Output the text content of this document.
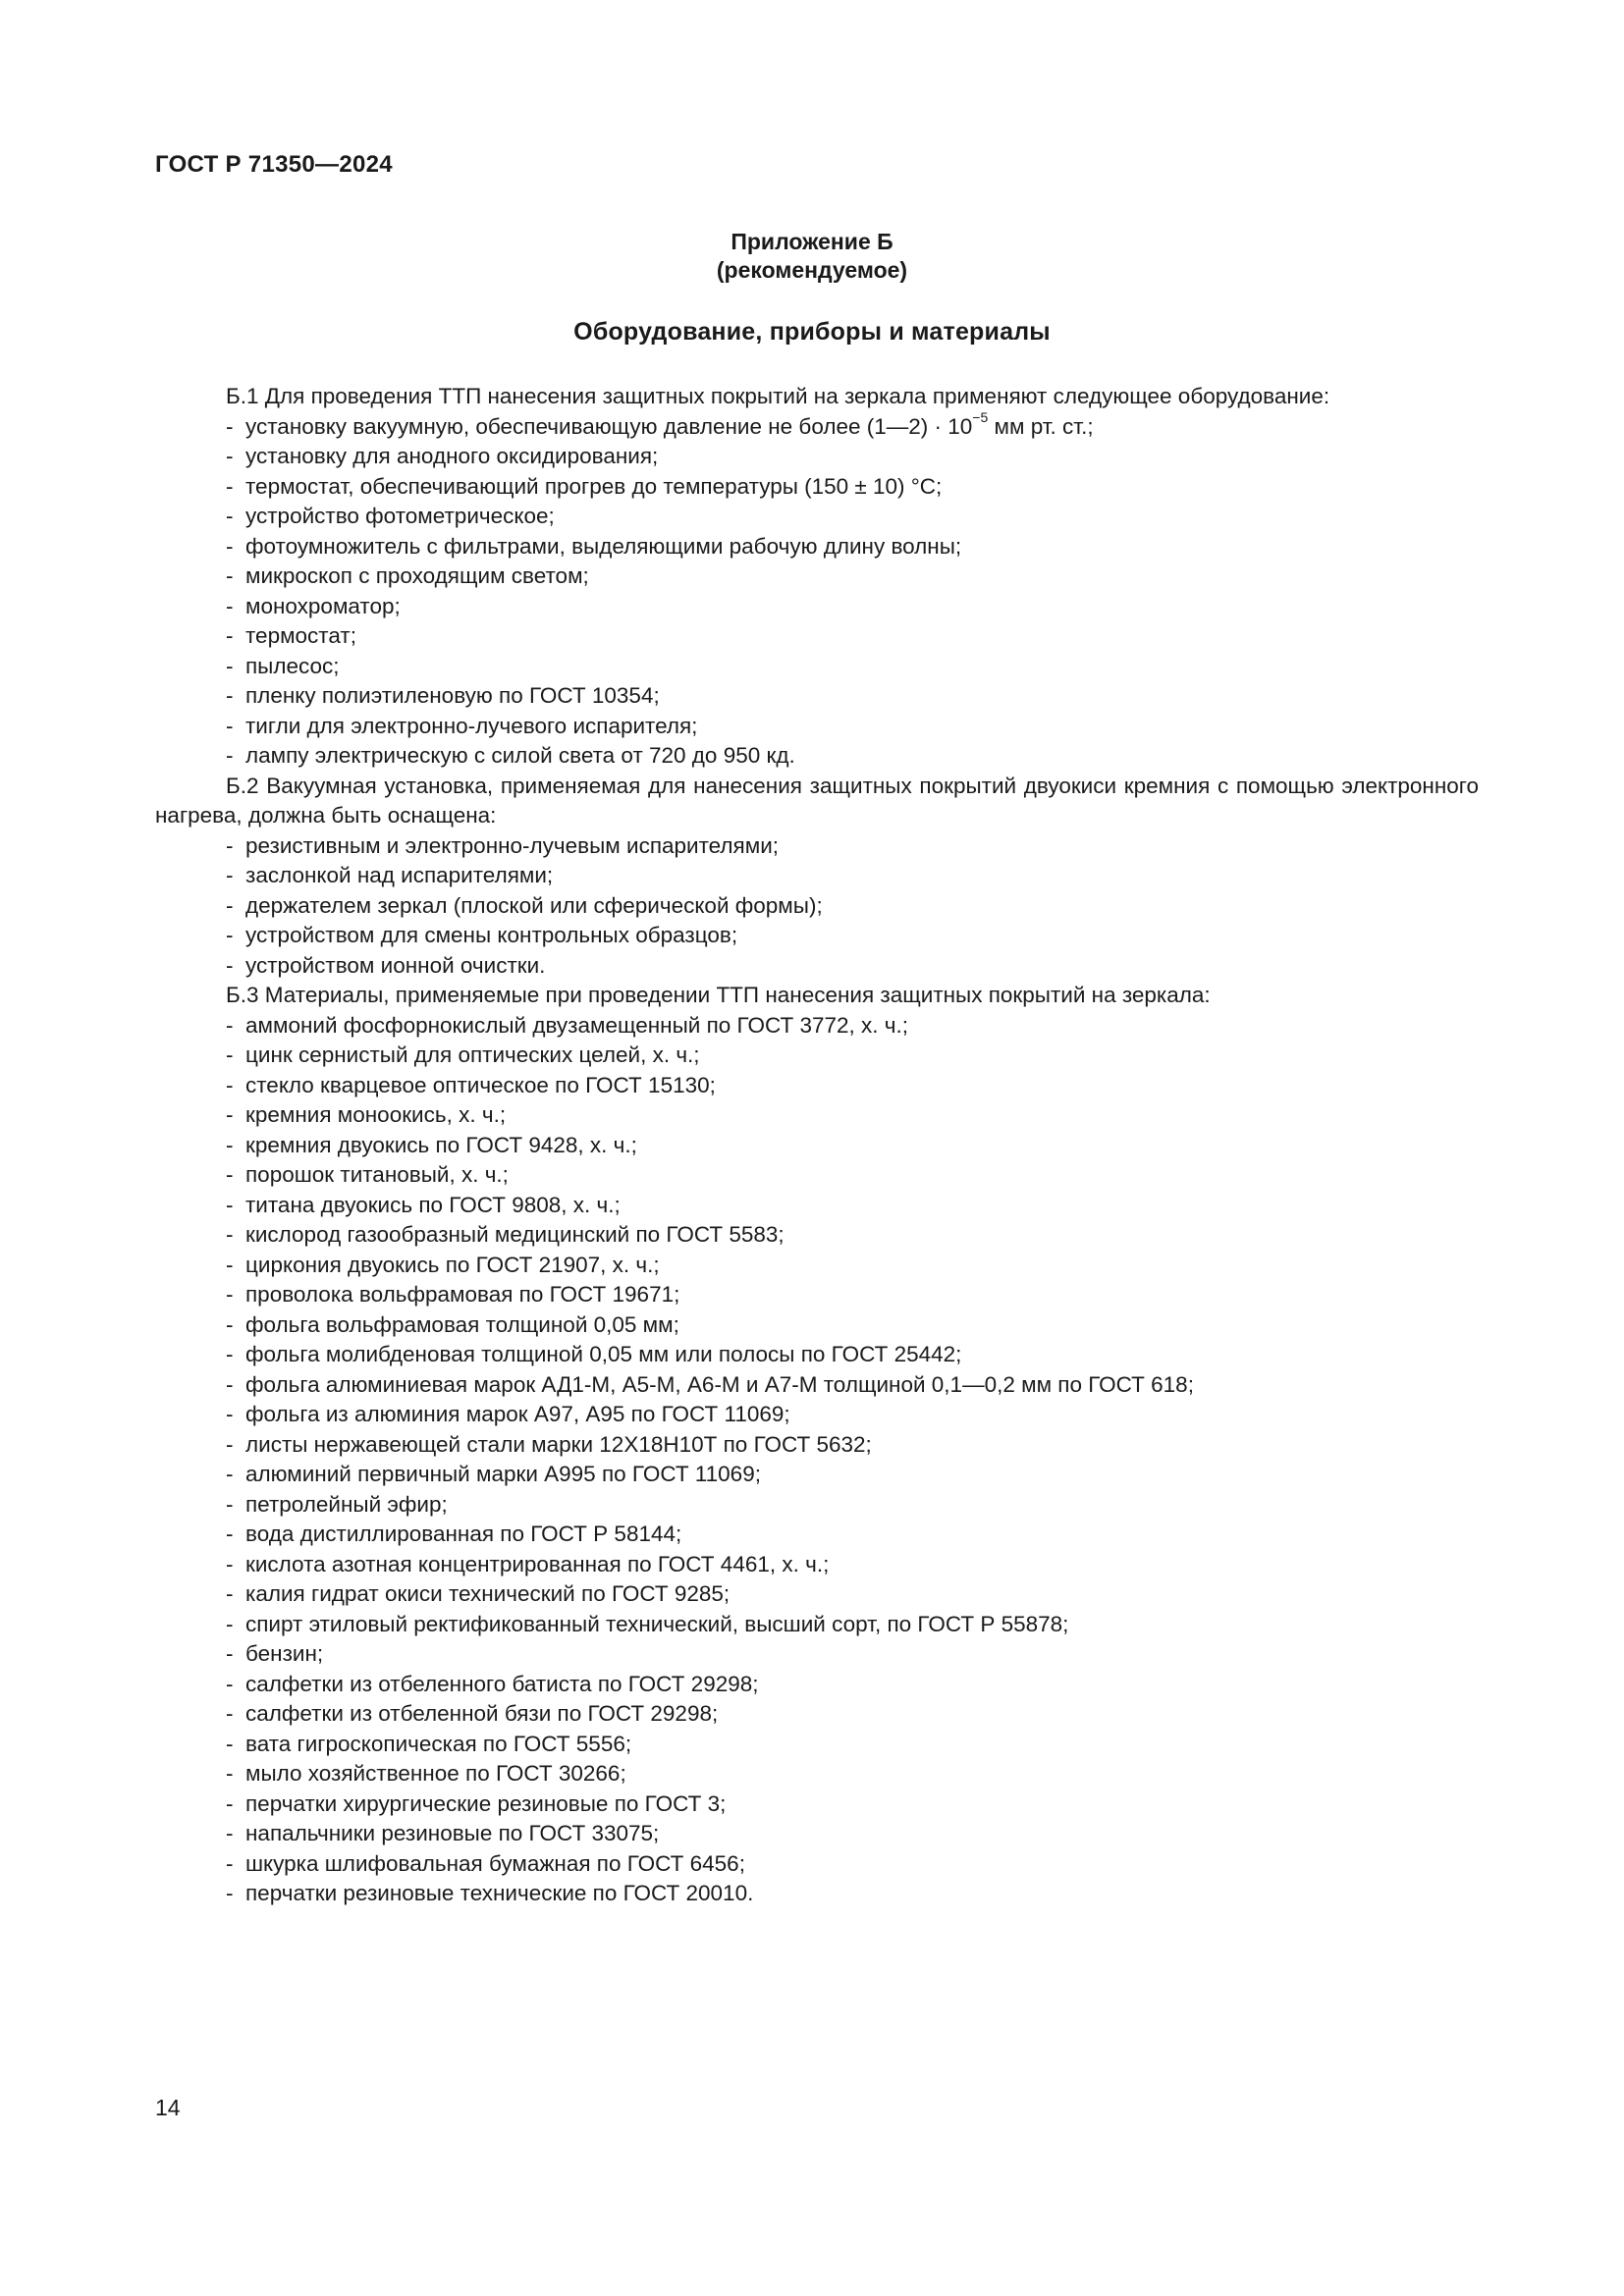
ГОСТ Р 71350—2024
Приложение Б
(рекомендуемое)
Оборудование, приборы и материалы

Б.1 Для проведения ТТП нанесения защитных покрытий на зеркала применяют следующее оборудование:

- установку вакуумную, обеспечивающую давление не более (1—2) · $10^{-5}$ мм рт. ст.;
- установку для анодного оксидирования;
- термостат, обеспечивающий прогрев до температуры (150 ± 10) °С;
- устройство фотометрическое;
- фотоумножитель с фильтрами, выделяющими рабочую длину волны;
- микроскоп с проходящим светом;
- монохроматор;
- термостат;
- пылесос;
- пленку полиэтиленовую по ГОСТ 10354;
- тигли для электронно-лучевого испарителя;
- лампу электрическую с силой света от 720 до 950 кд.

Б.2 Вакуумная установка, применяемая для нанесения защитных покрытий двуокиси кремния с помощью электронного нагрева, должна быть оснащена:

- резистивным и электронно-лучевым испарителями;
- заслонкой над испарителями;
- держателем зеркал (плоской или сферической формы);
- устройством для смены контрольных образцов;
- устройством ионной очистки.

Б.3 Материалы, применяемые при проведении ТТП нанесения защитных покрытий на зеркала:

- аммоний фосфорнокислый двузамещенный по ГОСТ 3772, х. ч.;
- цинк сернистый для оптических целей, х. ч.;
- стекло кварцевое оптическое по ГОСТ 15130;
- кремния моноокись, х. ч.;
- кремния двуокись по ГОСТ 9428, х. ч.;
- порошок титановый, х. ч.;
- титана двуокись по ГОСТ 9808, х. ч.;
- кислород газообразный медицинский по ГОСТ 5583;
- циркония двуокись по ГОСТ 21907, х. ч.;
- проволока вольфрамовая по ГОСТ 19671;
- фольга вольфрамовая толщиной 0,05 мм;
- фольга молибденовая толщиной 0,05 мм или полосы по ГОСТ 25442;
- фольга алюминиевая марок АД1-М, А5-М, А6-М и А7-М толщиной 0,1—0,2 мм по ГОСТ 618;
- фольга из алюминия марок А97, А95 по ГОСТ 11069;
- листы нержавеющей стали марки 12Х18Н10Т по ГОСТ 5632;
- алюминий первичный марки А995 по ГОСТ 11069;
- петролейный эфир;
- вода дистиллированная по ГОСТ Р 58144;
- кислота азотная концентрированная по ГОСТ 4461, х. ч.;
- калия гидрат окиси технический по ГОСТ 9285;
- спирт этиловый ректификованный технический, высший сорт, по ГОСТ Р 55878;
- бензин;
- салфетки из отбеленного батиста по ГОСТ 29298;
- салфетки из отбеленной бязи по ГОСТ 29298;
- вата гигроскопическая по ГОСТ 5556;
- мыло хозяйственное по ГОСТ 30266;
- перчатки хирургические резиновые по ГОСТ 3;
- напальчники резиновые по ГОСТ 33075;
- шкурка шлифовальная бумажная по ГОСТ 6456;
- перчатки резиновые технические по ГОСТ 20010.
14
